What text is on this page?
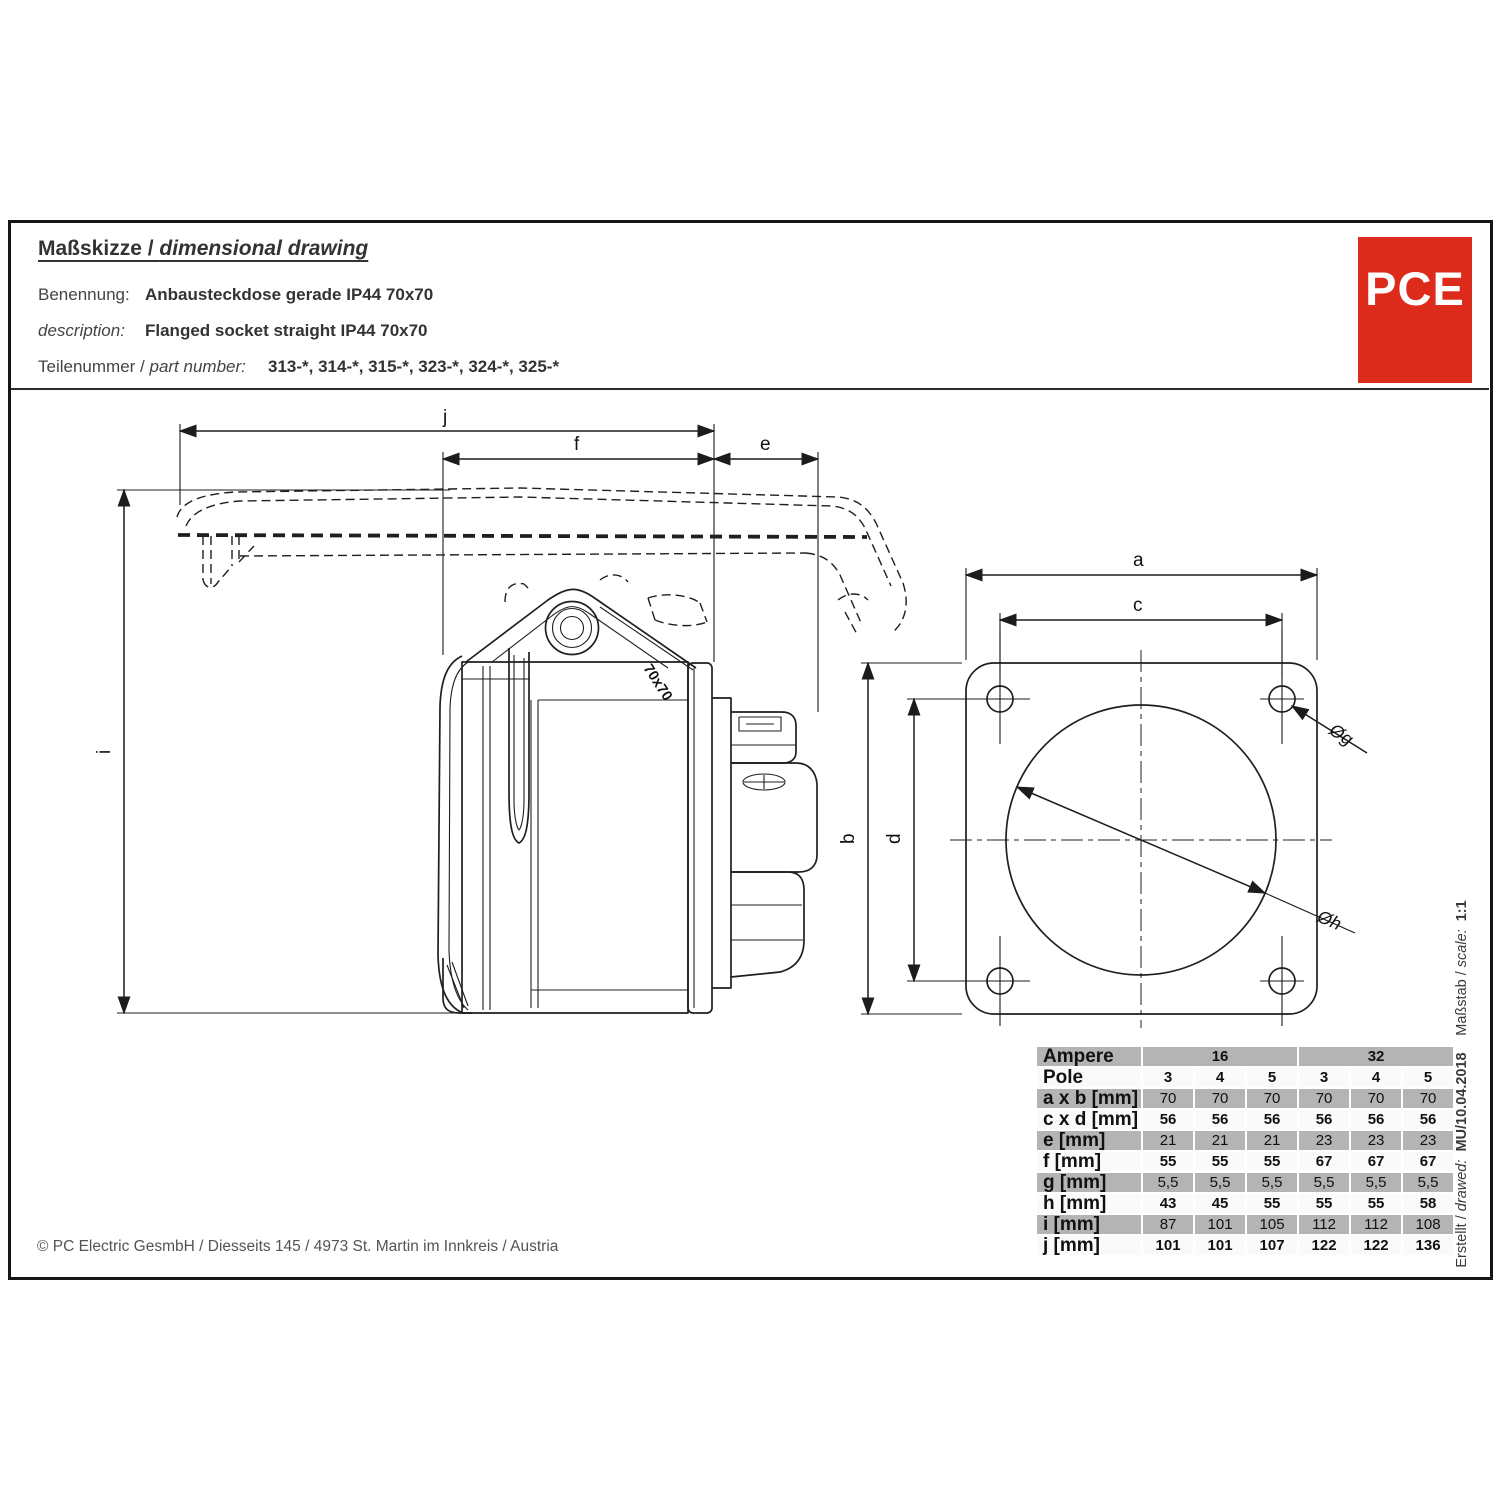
Maßskizze / dimensional drawing
Benennung: Anbausteckdose gerade IP44 70x70
description: Flanged socket straight IP44 70x70
Teilenummer / part number: 313-*, 314-*, 315-*, 323-*, 324-*, 325-*
PCE
j
f	e
i
70x70
a
c
b d
Øg
Øh
Ampere	16			32		
Pole	3	4	5	3	4	5
a x b [mm]	70	70	70	70	70	70
c x d [mm]	56	56	56	56	56	56
e [mm]	21	21	21	23	23	23
f [mm]	55	55	55	67	67	67
g [mm]	5,5	5,5	5,5	5,5	5,5	5,5
h [mm]	43	45	55	55	55	58
i [mm]	87	101	105	112	112	108
j [mm]	101	101	107	122	122	136
Maßstab / scale:  1:1
Erstellt / drawed:  MU/10.04.2018
© PC Electric GesmbH / Diesseits 145 / 4973 St. Martin im Innkreis / Austria
